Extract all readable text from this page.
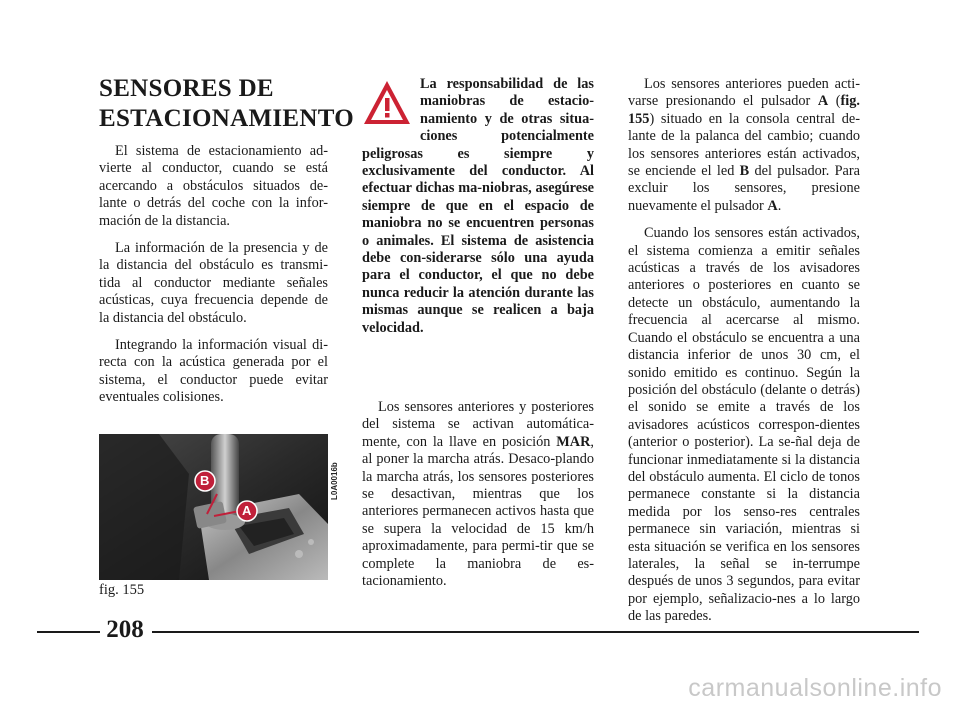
SENSORES DE
ESTACIONAMIENTO

El sistema de estacionamiento ad-vierte al conductor, cuando se está acercando a obstáculos situados de-lante o detrás del coche con la infor-mación de la distancia.

La información de la presencia y de la distancia del obstáculo es transmi-tida al conductor mediante señales acústicas, cuya frecuencia depende de la distancia del obstáculo.

Integrando la información visual di-recta con la acústica generada por el sistema, el conductor puede evitar eventuales colisiones.

La responsabilidad de las maniobras de estacio-namiento y de otras situa-ciones potencialmente peligrosas es siempre y exclusivamente del conductor. Al efectuar dichas ma-niobras, asegúrese siempre de que en el espacio de maniobra no se encuentren personas o animales. El sistema de asistencia debe con-siderarse sólo una ayuda para el conductor, el que no debe nunca reducir la atención durante las mismas aunque se realicen a baja velocidad.

Los sensores anteriores y posteriores del sistema se activan automática-mente, con la llave en posición MAR, al poner la marcha atrás. Desaco-plando la marcha atrás, los sensores posteriores se desactivan, mientras que los anteriores permanecen activos hasta que se supera la velocidad de 15 km/h aproximadamente, para permi-tir que se complete la maniobra de es-tacionamiento.

Los sensores anteriores pueden acti-varse presionando el pulsador A (fig. 155) situado en la consola central de-lante de la palanca del cambio; cuando los sensores anteriores están activados, se enciende el led B del pulsador. Para excluir los sensores, presione nuevamente el pulsador A.

Cuando los sensores están activados, el sistema comienza a emitir señales acústicas a través de los avisadores anteriores o posteriores en cuanto se detecte un obstáculo, aumentando la frecuencia al acercarse al mismo. Cuando el obstáculo se encuentra a una distancia inferior de unos 30 cm, el sonido emitido es continuo. Según la posición del obstáculo (delante o detrás) el sonido se emite a través de los avisadores acústicos correspon-dientes (anterior o posterior). La se-ñal deja de funcionar inmediatamente si la distancia del obstáculo aumenta. El ciclo de tonos permanece constante si la distancia medida por los senso-res centrales permanece sin variación, mientras si esta situación se verifica en los sensores laterales, la señal se in-terrumpe después de unos 3 segundos, para evitar por ejemplo, señalizacio-nes a lo largo de las paredes.

B
A
L0A0016b
fig. 155
208
carmanualsonline.info
